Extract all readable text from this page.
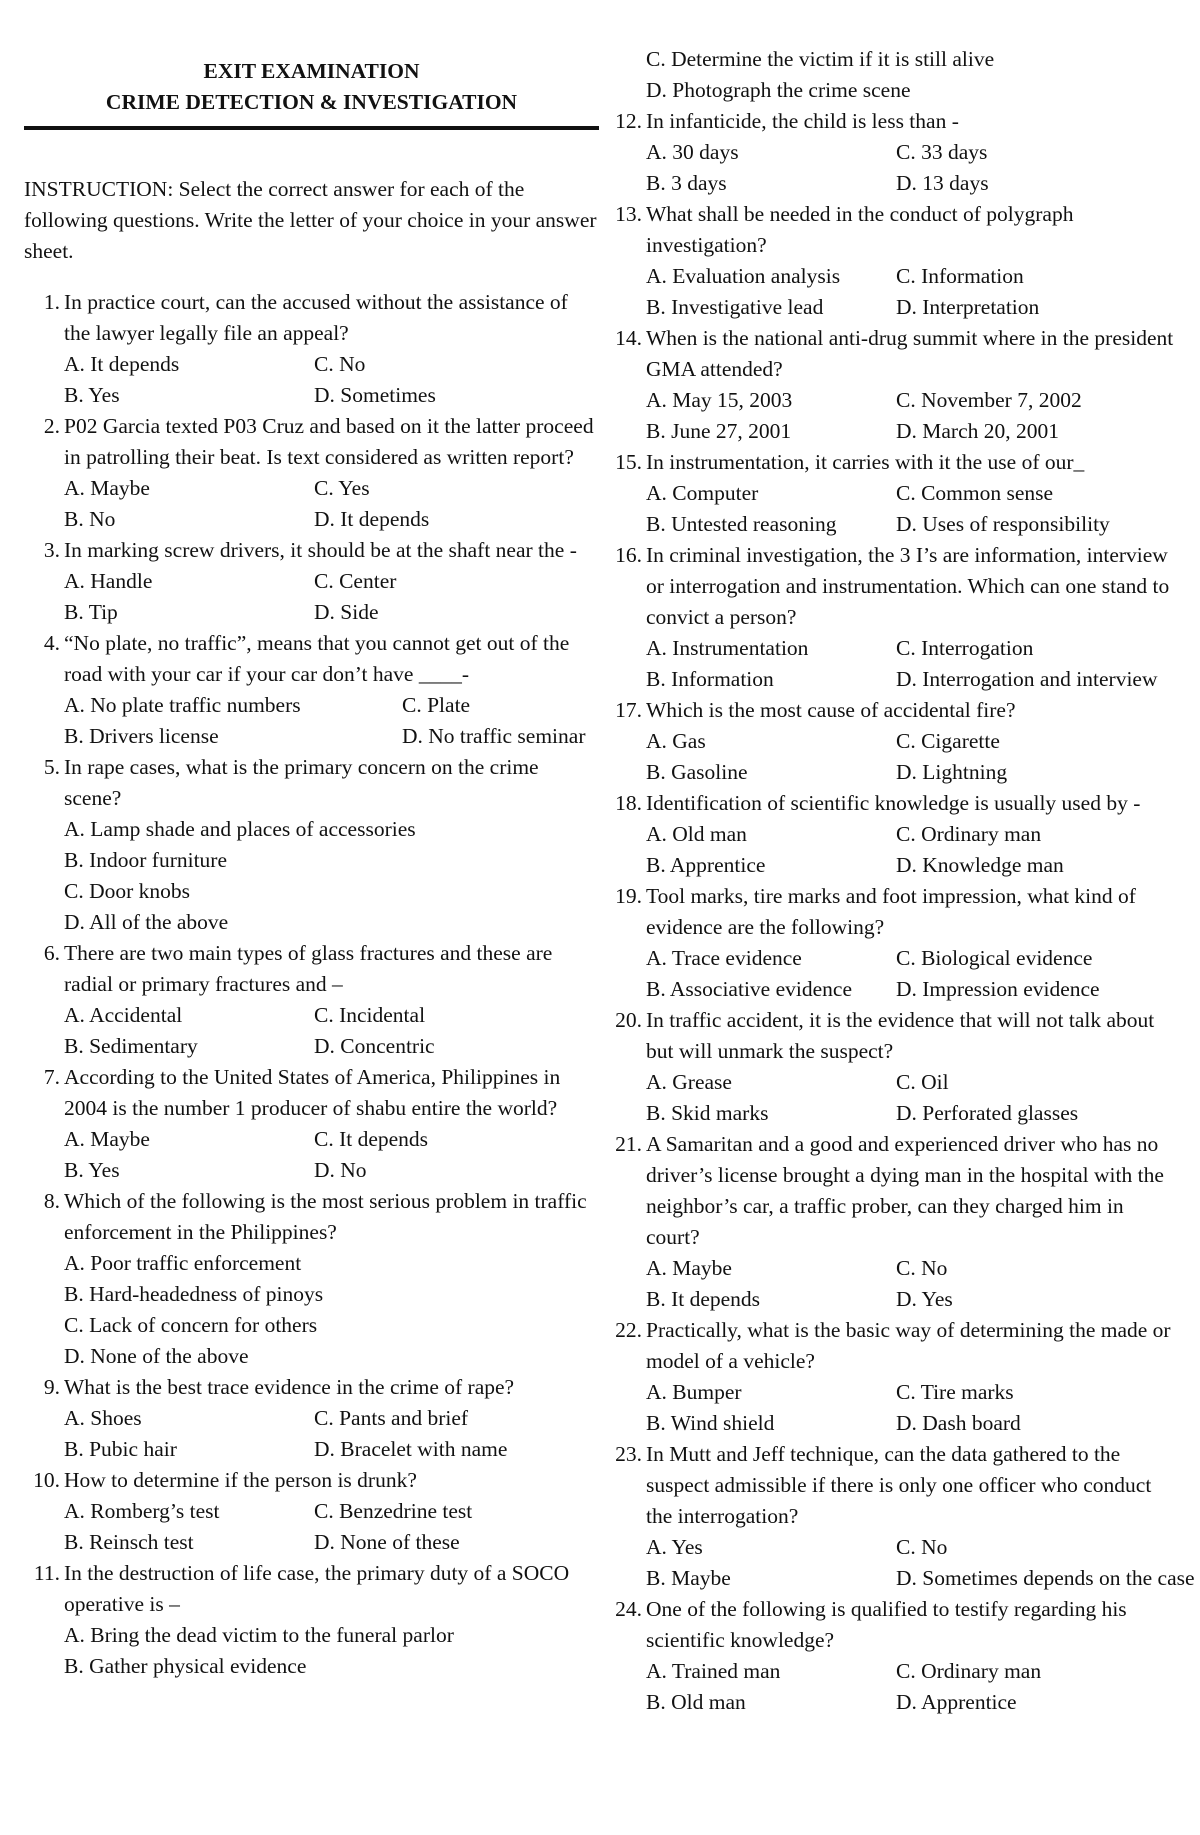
EXIT EXAMINATION
CRIME DETECTION & INVESTIGATION
INSTRUCTION: Select the correct answer for each of the following questions. Write the letter of your choice in your answer sheet.
1. In practice court, can the accused without the assistance of the lawyer legally file an appeal?
A. It depends	C. No
B. Yes	D. Sometimes
2. P02 Garcia texted P03 Cruz and based on it the latter proceed in patrolling their beat. Is text considered as written report?
A. Maybe	C. Yes
B. No	D. It depends
3. In marking screw drivers, it should be at the shaft near the -
A. Handle	C. Center
B. Tip	D. Side
4. “No plate, no traffic”, means that you cannot get out of the road with your car if your car don’t have ____-
A. No plate traffic numbers	C. Plate
B. Drivers license	D. No traffic seminar
5. In rape cases, what is the primary concern on the crime scene?
A. Lamp shade and places of accessories
B. Indoor furniture
C. Door knobs
D. All of the above
6. There are two main types of glass fractures and these are radial or primary fractures and –
A. Accidental	C. Incidental
B. Sedimentary	D. Concentric
7. According to the United States of America, Philippines in 2004 is the number 1 producer of shabu entire the world?
A. Maybe	C. It depends
B. Yes	D. No
8. Which of the following is the most serious problem in traffic enforcement in the Philippines?
A. Poor traffic enforcement
B. Hard-headedness of pinoys
C. Lack of concern for others
D. None of the above
9. What is the best trace evidence in the crime of rape?
A. Shoes	C. Pants and brief
B. Pubic hair	D. Bracelet with name
10. How to determine if the person is drunk?
A. Romberg’s test	C. Benzedrine test
B. Reinsch test	D. None of these
11. In the destruction of life case, the primary duty of a SOCO operative is –
A. Bring the dead victim to the funeral parlor
B. Gather physical evidence
C. Determine the victim if it is still alive
D. Photograph the crime scene
12. In infanticide, the child is less than -
A. 30 days	C. 33 days
B. 3 days	D. 13 days
13. What shall be needed in the conduct of polygraph investigation?
A. Evaluation analysis	C. Information
B. Investigative lead	D. Interpretation
14. When is the national anti-drug summit where in the president GMA attended?
A. May 15, 2003	C. November 7, 2002
B. June 27, 2001	D. March 20, 2001
15. In instrumentation, it carries with it the use of our_
A. Computer	C. Common sense
B. Untested reasoning	D. Uses of responsibility
16. In criminal investigation, the 3 I’s are information, interview or interrogation and instrumentation. Which can one stand to convict a person?
A. Instrumentation	C. Interrogation
B. Information	D. Interrogation and interview
17. Which is the most cause of accidental fire?
A. Gas	C. Cigarette
B. Gasoline	D. Lightning
18. Identification of scientific knowledge is usually used by -
A. Old man	C. Ordinary man
B. Apprentice	D. Knowledge man
19. Tool marks, tire marks and foot impression, what kind of evidence are the following?
A. Trace evidence	C. Biological evidence
B. Associative evidence	D. Impression evidence
20. In traffic accident, it is the evidence that will not talk about but will unmark the suspect?
A. Grease	C. Oil
B. Skid marks	D. Perforated glasses
21. A Samaritan and a good and experienced driver who has no driver’s license brought a dying man in the hospital with the neighbor’s car, a traffic prober, can they charged him in court?
A. Maybe	C. No
B. It depends	D. Yes
22. Practically, what is the basic way of determining the made or model of a vehicle?
A. Bumper	C. Tire marks
B. Wind shield	D. Dash board
23. In Mutt and Jeff technique, can the data gathered to the suspect admissible if there is only one officer who conduct the interrogation?
A. Yes	C. No
B. Maybe	D. Sometimes depends on the case
24. One of the following is qualified to testify regarding his scientific knowledge?
A. Trained man	C. Ordinary man
B. Old man	D. Apprentice
